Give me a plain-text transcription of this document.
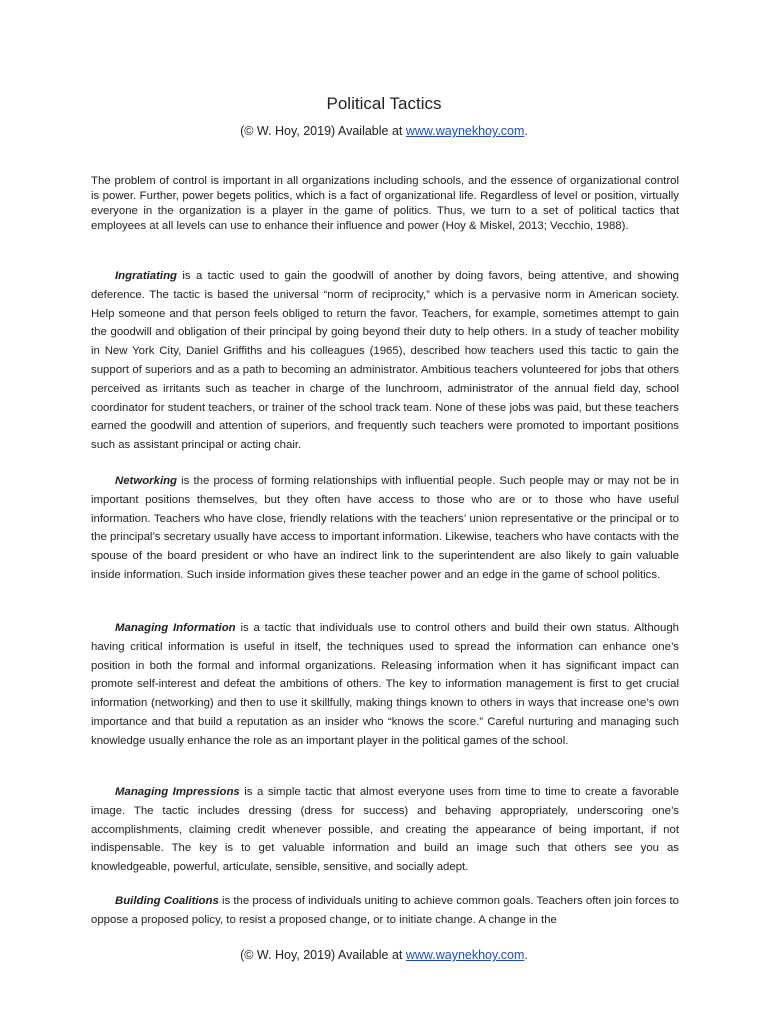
Political Tactics
(© W. Hoy, 2019) Available at www.waynekhoy.com.
The problem of control is important in all organizations including schools, and the essence of organizational control is power. Further, power begets politics, which is a fact of organizational life. Regardless of level or position, virtually everyone in the organization is a player in the game of politics. Thus, we turn to a set of political tactics that employees at all levels can use to enhance their influence and power (Hoy & Miskel, 2013; Vecchio, 1988).
Ingratiating is a tactic used to gain the goodwill of another by doing favors, being attentive, and showing deference. The tactic is based the universal “norm of reciprocity,” which is a pervasive norm in American society. Help someone and that person feels obliged to return the favor. Teachers, for example, sometimes attempt to gain the goodwill and obligation of their principal by going beyond their duty to help others. In a study of teacher mobility in New York City, Daniel Griffiths and his colleagues (1965), described how teachers used this tactic to gain the support of superiors and as a path to becoming an administrator. Ambitious teachers volunteered for jobs that others perceived as irritants such as teacher in charge of the lunchroom, administrator of the annual field day, school coordinator for student teachers, or trainer of the school track team. None of these jobs was paid, but these teachers earned the goodwill and attention of superiors, and frequently such teachers were promoted to important positions such as assistant principal or acting chair.
Networking is the process of forming relationships with influential people. Such people may or may not be in important positions themselves, but they often have access to those who are or to those who have useful information. Teachers who have close, friendly relations with the teachers’ union representative or the principal or to the principal’s secretary usually have access to important information. Likewise, teachers who have contacts with the spouse of the board president or who have an indirect link to the superintendent are also likely to gain valuable inside information. Such inside information gives these teacher power and an edge in the game of school politics.
Managing Information is a tactic that individuals use to control others and build their own status. Although having critical information is useful in itself, the techniques used to spread the information can enhance one’s position in both the formal and informal organizations. Releasing information when it has significant impact can promote self-interest and defeat the ambitions of others. The key to information management is first to get crucial information (networking) and then to use it skillfully, making things known to others in ways that increase one’s own importance and that build a reputation as an insider who “knows the score.” Careful nurturing and managing such knowledge usually enhance the role as an important player in the political games of the school.
Managing Impressions is a simple tactic that almost everyone uses from time to time to create a favorable image. The tactic includes dressing (dress for success) and behaving appropriately, underscoring one’s accomplishments, claiming credit whenever possible, and creating the appearance of being important, if not indispensable. The key is to get valuable information and build an image such that others see you as knowledgeable, powerful, articulate, sensible, sensitive, and socially adept.
Building Coalitions is the process of individuals uniting to achieve common goals. Teachers often join forces to oppose a proposed policy, to resist a proposed change, or to initiate change. A change in the
(© W. Hoy, 2019) Available at www.waynekhoy.com.
